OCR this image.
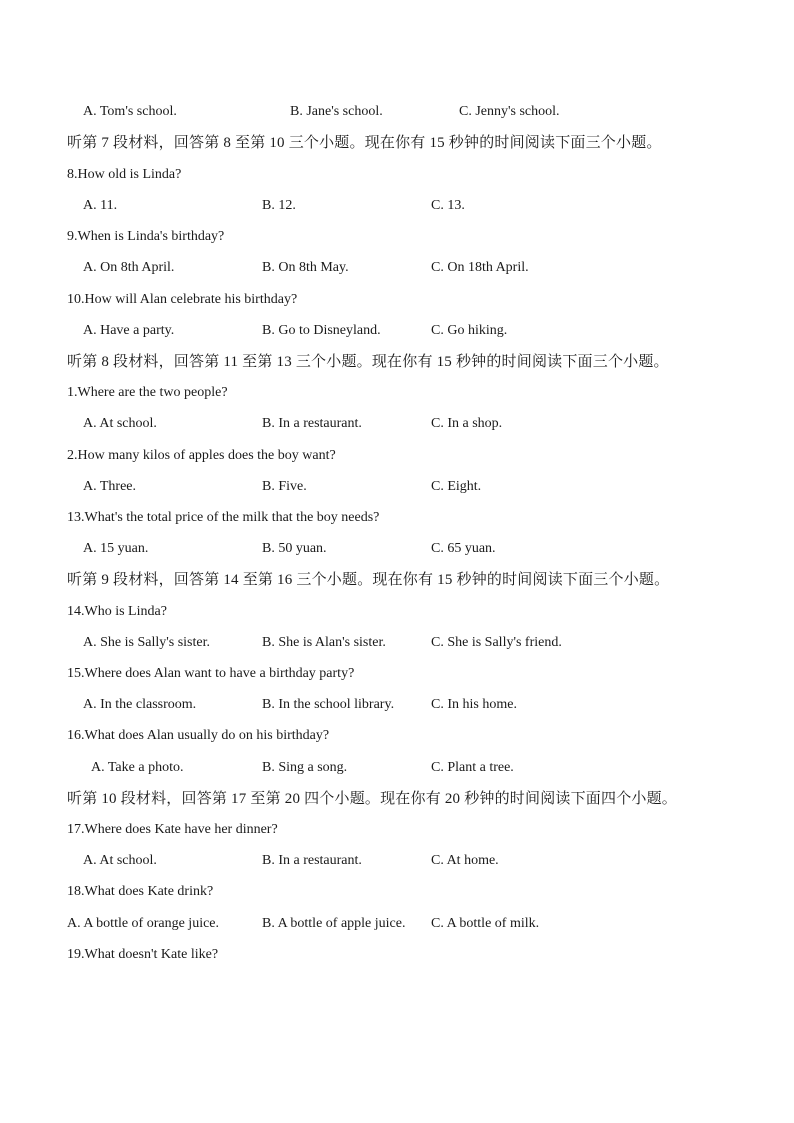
A. Tom's school.	B. Jane's school.	C. Jenny's school.
听第 7 段材料，回答第 8 至第 10 三个小题。现在你有 15 秒钟的时间阅读下面三个小题。
8.How old is Linda?
A. 11.	B. 12.	C. 13.
9.When is Linda's birthday?
A. On 8th April.	B. On 8th May.	C. On 18th April.
10.How will Alan celebrate his birthday?
A. Have a party.	B. Go to Disneyland.	C. Go hiking.
听第 8 段材料，回答第 11 至第 13 三个小题。现在你有 15 秒钟的时间阅读下面三个小题。
1.Where are the two people?
A. At school.	B. In a restaurant.	C. In a shop.
2.How many kilos of apples does the boy want?
A. Three.	B. Five.	C. Eight.
13.What's the total price of the milk that the boy needs?
A. 15 yuan.	B. 50 yuan.	C. 65 yuan.
听第 9 段材料，回答第 14 至第 16 三个小题。现在你有 15 秒钟的时间阅读下面三个小题。
14.Who is Linda?
A. She is Sally's sister.	B. She is Alan's sister.	C. She is Sally's friend.
15.Where does Alan want to have a birthday party?
A. In the classroom.	B. In the school library.	C. In his home.
16.What does Alan usually do on his birthday?
A. Take a photo.	B. Sing a song.	C. Plant a tree.
听第 10 段材料，回答第 17 至第 20 四个小题。现在你有 20 秒钟的时间阅读下面四个小题。
17.Where does Kate have her dinner?
A. At school.	B. In a restaurant.	C. At home.
18.What does Kate drink?
A. A bottle of orange juice.	B. A bottle of apple juice. C. A bottle of milk.
19.What doesn't Kate like?
